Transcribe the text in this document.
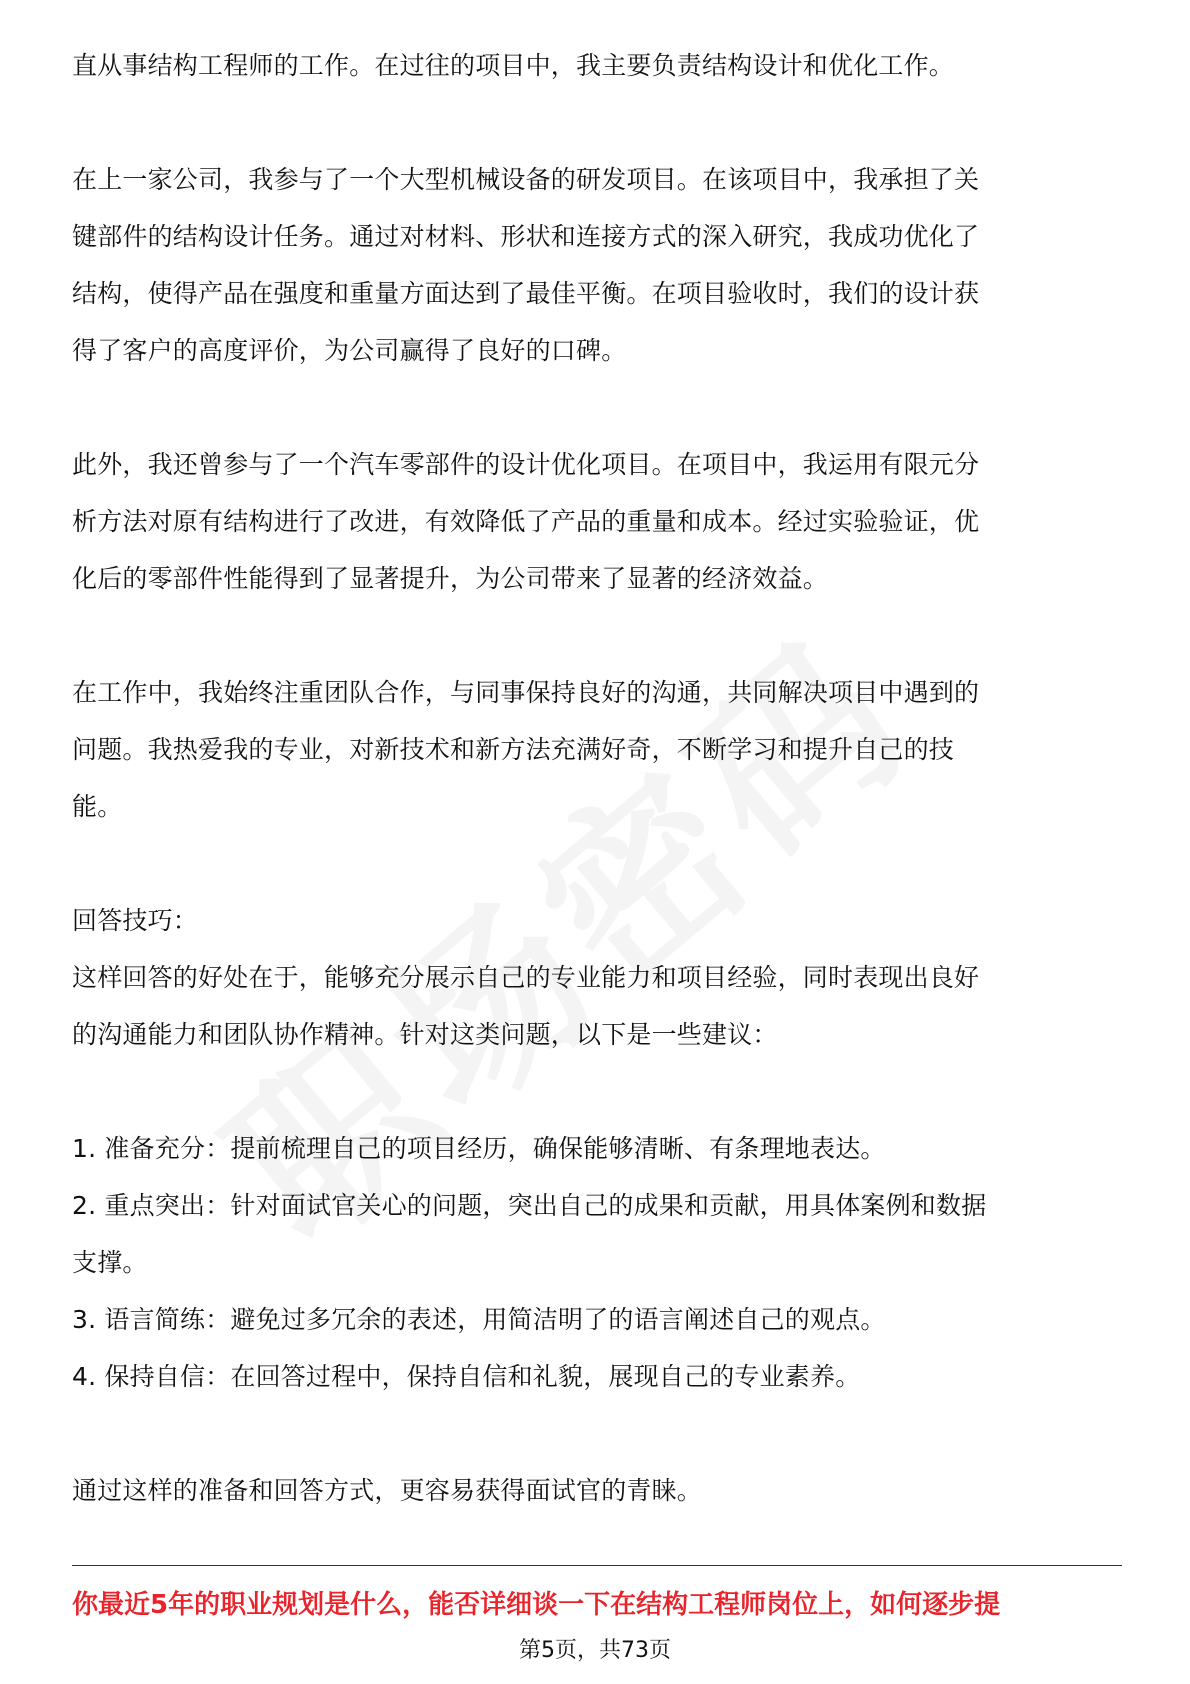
直从事结构工程师的工作。在过往的项目中，我主要负责结构设计和优化工作。
在上一家公司，我参与了一个大型机械设备的研发项目。在该项目中，我承担了关
键部件的结构设计任务。通过对材料、形状和连接方式的深入研究，我成功优化了
结构，使得产品在强度和重量方面达到了最佳平衡。在项目验收时，我们的设计获
得了客户的高度评价，为公司赢得了良好的口碑。
此外，我还曾参与了一个汽车零部件的设计优化项目。在项目中，我运用有限元分
析方法对原有结构进行了改进，有效降低了产品的重量和成本。经过实验验证，优
化后的零部件性能得到了显著提升，为公司带来了显著的经济效益。
在工作中，我始终注重团队合作，与同事保持良好的沟通，共同解决项目中遇到的
问题。我热爱我的专业，对新技术和新方法充满好奇，不断学习和提升自己的技
能。
回答技巧：
这样回答的好处在于，能够充分展示自己的专业能力和项目经验，同时表现出良好
的沟通能力和团队协作精神。针对这类问题，以下是一些建议：
1. 准备充分：提前梳理自己的项目经历，确保能够清晰、有条理地表达。
2. 重点突出：针对面试官关心的问题，突出自己的成果和贡献，用具体案例和数据
支撑。
3. 语言简练：避免过多冗余的表述，用简洁明了的语言阐述自己的观点。
4. 保持自信：在回答过程中，保持自信和礼貌，展现自己的专业素养。
通过这样的准备和回答方式，更容易获得面试官的青睐。
你最近5年的职业规划是什么，能否详细谈一下在结构工程师岗位上，如何逐步提
第5页，共73页
